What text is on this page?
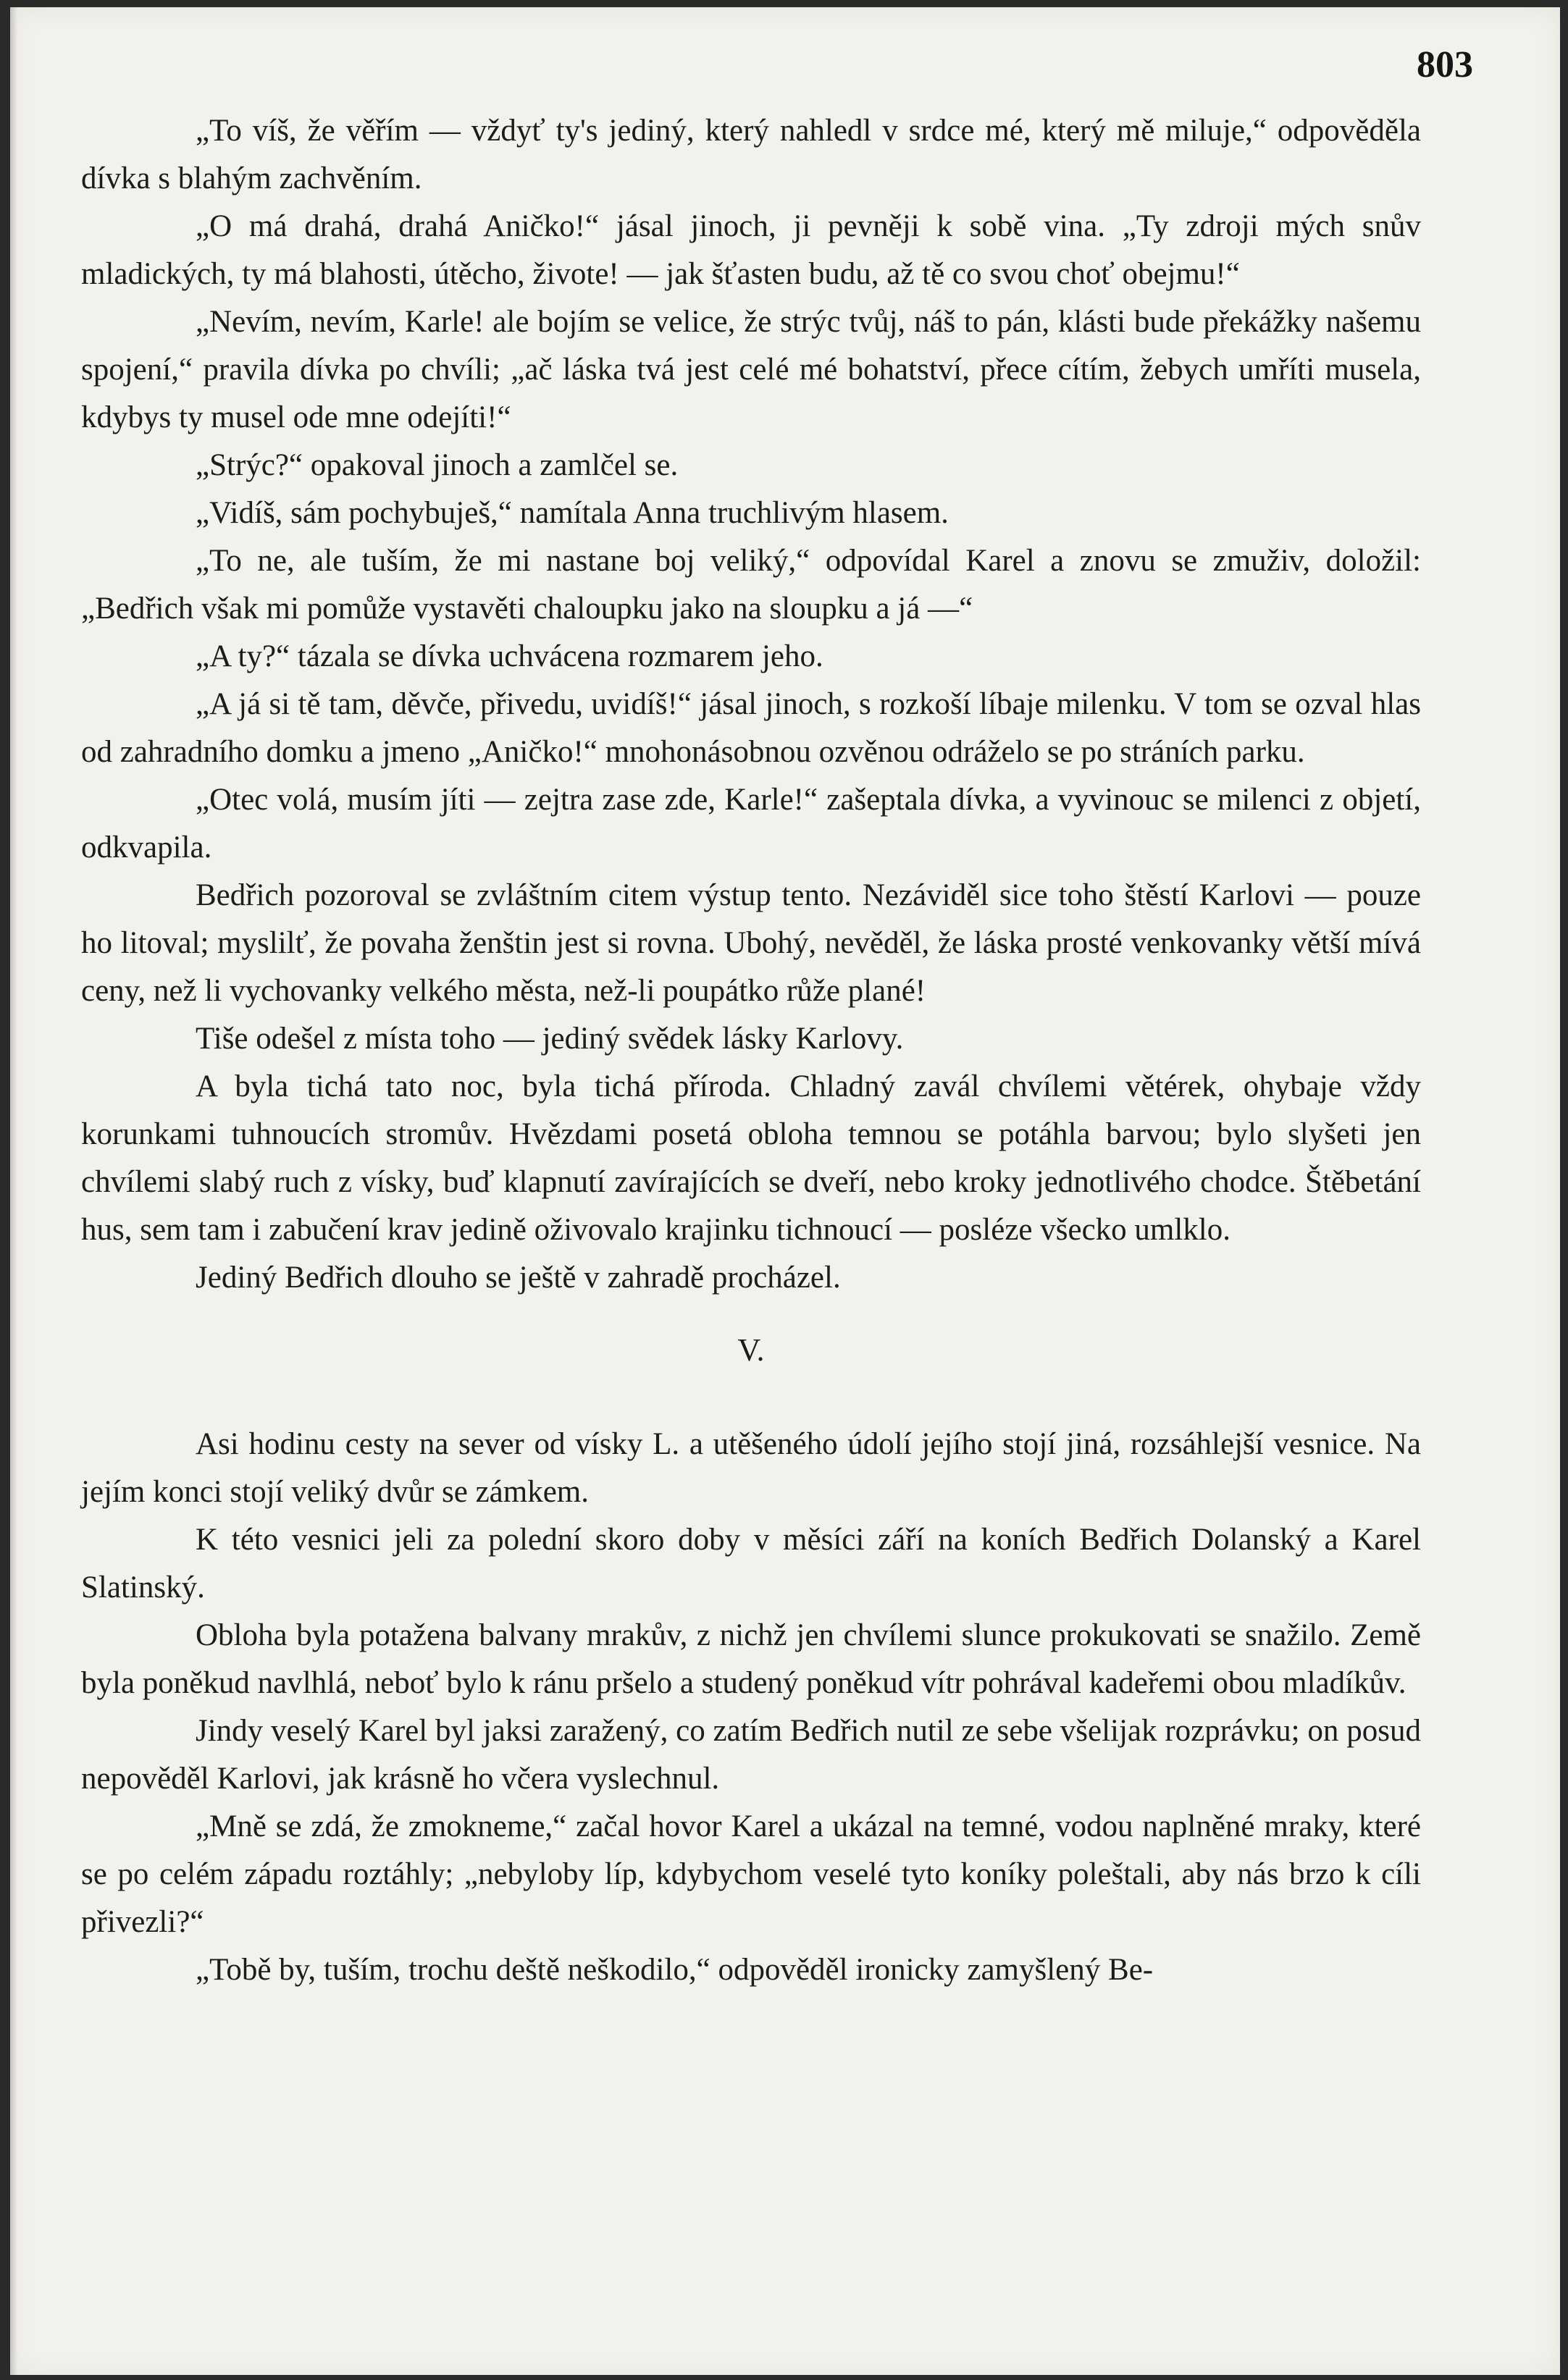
803

„To víš, že věřím — vždyť ty's jediný, který nahledl v srdce mé, který mě miluje,“ odpověděla dívka s blahým zachvěním.

„O má drahá, drahá Aničko!“ jásal jinoch, ji pevněji k sobě vina. „Ty zdroji mých snův mladických, ty má blahosti, útěcho, živote! — jak šťasten budu, až tě co svou choť obejmu!“

„Nevím, nevím, Karle! ale bojím se velice, že strýc tvůj, náš to pán, klásti bude překážky našemu spojení,“ pravila dívka po chvíli; „ač láska tvá jest celé mé bohatství, přece cítím, žebych umříti musela, kdybys ty musel ode mne odejíti!“

„Strýc?“ opakoval jinoch a zamlčel se.

„Vidíš, sám pochybuješ,“ namítala Anna truchlivým hlasem.

„To ne, ale tuším, že mi nastane boj veliký,“ odpovídal Karel a znovu se zmuživ, doložil: „Bedřich však mi pomůže vystavěti chaloupku jako na sloupku a já —“

„A ty?“ tázala se dívka uchvácena rozmarem jeho.

„A já si tě tam, děvče, přivedu, uvidíš!“ jásal jinoch, s rozkoší líbaje milenku. V tom se ozval hlas od zahradního domku a jmeno „Aničko!“ mnohonásobnou ozvěnou odráželo se po stráních parku.

„Otec volá, musím jíti — zejtra zase zde, Karle!“ zašeptala dívka, a vyvinouc se milenci z objetí, odkvapila.

Bedřich pozoroval se zvláštním citem výstup tento. Nezáviděl sice toho štěstí Karlovi — pouze ho litoval; myslilť, že povaha ženštin jest si rovna. Ubohý, nevěděl, že láska prosté venkovanky větší mívá ceny, než li vychovanky velkého města, než-li poupátko růže plané!

Tiše odešel z místa toho — jediný svědek lásky Karlovy.

A byla tichá tato noc, byla tichá příroda. Chladný zavál chvílemi větérek, ohybaje vždy korunkami tuhnoucích stromův. Hvězdami posetá obloha temnou se potáhla barvou; bylo slyšeti jen chvílemi slabý ruch z vísky, buď klapnutí zavírajících se dveří, nebo kroky jednotlivého chodce. Štěbetání hus, sem tam i zabučení krav jedině oživovalo krajinku tichnoucí — posléze všecko umlklo.

Jediný Bedřich dlouho se ještě v zahradě procházel.

V.

Asi hodinu cesty na sever od vísky L. a utěšeného údolí jejího stojí jiná, rozsáhlejší vesnice. Na jejím konci stojí veliký dvůr se zámkem.

K této vesnici jeli za polední skoro doby v měsíci září na koních Bedřich Dolanský a Karel Slatinský.

Obloha byla potažena balvany mrakův, z nichž jen chvílemi slunce prokukovati se snažilo. Země byla poněkud navlhlá, neboť bylo k ránu pršelo a studený poněkud vítr pohrával kadeřemi obou mladíkův.

Jindy veselý Karel byl jaksi zaražený, co zatím Bedřich nutil ze sebe všelijak rozprávku; on posud nepověděl Karlovi, jak krásně ho včera vyslechnul.

„Mně se zdá, že zmokneme,“ začal hovor Karel a ukázal na temné, vodou naplněné mraky, které se po celém západu roztáhly; „nebyloby líp, kdybychom veselé tyto koníky poleštali, aby nás brzo k cíli přivezli?“

„Tobě by, tuším, trochu deště neškodilo,“ odpověděl ironicky zamyšlený Be-
